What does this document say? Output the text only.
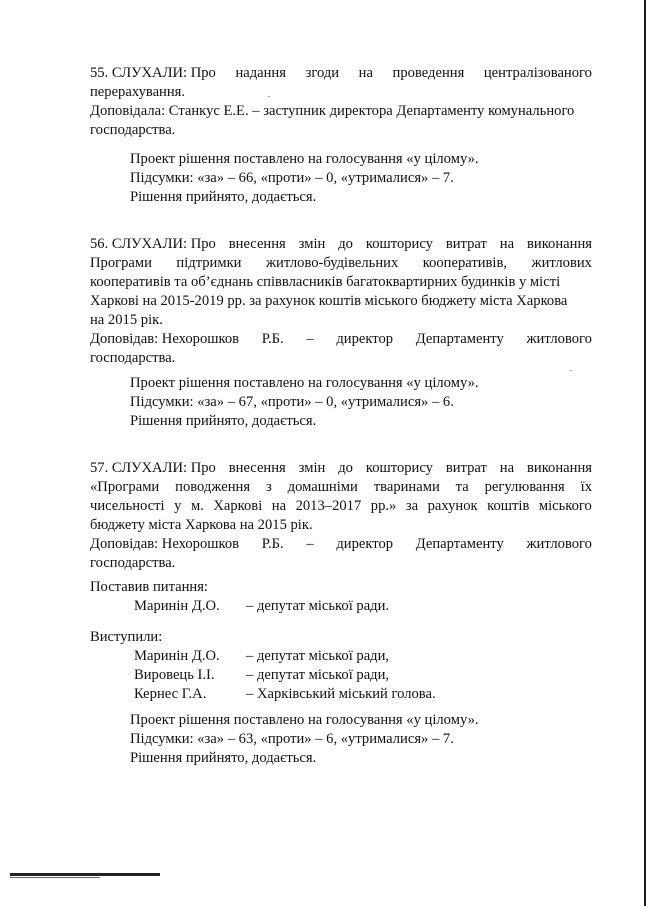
55. СЛУХАЛИ: Про надання згоди на проведення централізованого
перерахування.
Доповідала: Станкус Е.Е. – заступник директора Департаменту комунального
господарства.
Проект рішення поставлено на голосування «у цілому».
Підсумки: «за» – 66, «проти» – 0, «утрималися» – 7.
Рішення прийнято, додається.
56. СЛУХАЛИ: Про внесення змін до кошторису витрат на виконання
Програми підтримки житлово-будівельних кооперативів, житлових
кооперативів та об’єднань співвласників багатоквартирних будинків у місті
Харкові на 2015-2019 рр. за рахунок коштів міського бюджету міста Харкова
на 2015 рік.
Доповідав: Нехорошков Р.Б. – директор Департаменту житлового
господарства.
Проект рішення поставлено на голосування «у цілому».
Підсумки: «за» – 67, «проти» – 0, «утрималися» – 6.
Рішення прийнято, додається.
57. СЛУХАЛИ: Про внесення змін до кошторису витрат на виконання
«Програми поводження з домашніми тваринами та регулювання їх
чисельності у м. Харкові на 2013–2017 рр.» за рахунок коштів міського
бюджету міста Харкова на 2015 рік.
Доповідав: Нехорошков Р.Б. – директор Департаменту житлового
господарства.
Поставив питання:
Маринін Д.О.	– депутат міської ради.
Виступили:
Маринін Д.О.	– депутат міської ради,
Вировець І.І.	– депутат міської ради,
Кернес Г.А.	– Харківський міський голова.
Проект рішення поставлено на голосування «у цілому».
Підсумки: «за» – 63, «проти» – 6, «утрималися» – 7.
Рішення прийнято, додається.
